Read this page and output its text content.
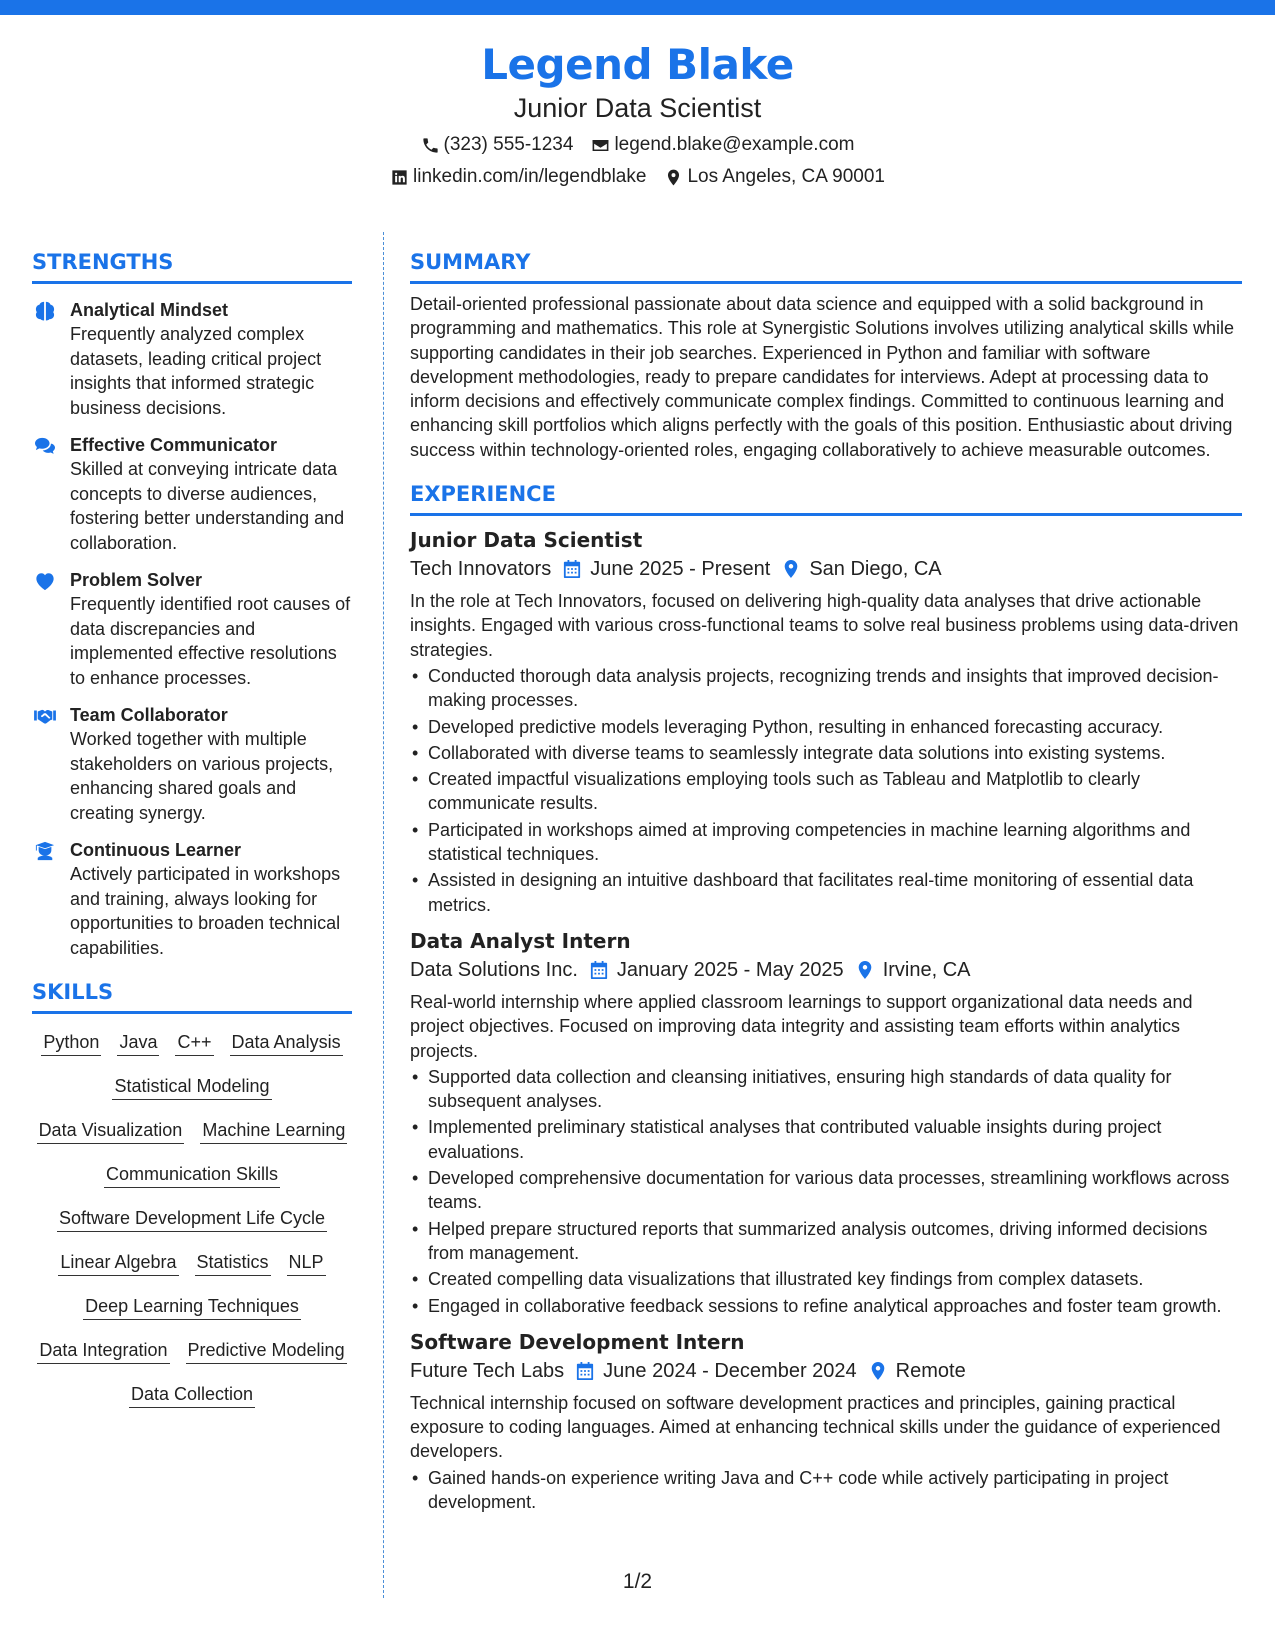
Legend Blake
Junior Data Scientist
(323) 555-1234 legend.blake@example.com
linkedin.com/in/legendblake Los Angeles, CA 90001
STRENGTHS
Analytical Mindset
Frequently analyzed complex datasets, leading critical project insights that informed strategic business decisions.
Effective Communicator
Skilled at conveying intricate data concepts to diverse audiences, fostering better understanding and collaboration.
Problem Solver
Frequently identified root causes of data discrepancies and implemented effective resolutions to enhance processes.
Team Collaborator
Worked together with multiple stakeholders on various projects, enhancing shared goals and creating synergy.
Continuous Learner
Actively participated in workshops and training, always looking for opportunities to broaden technical capabilities.
SKILLS
Python Java C++ Data Analysis
Statistical Modeling
Data Visualization Machine Learning
Communication Skills
Software Development Life Cycle
Linear Algebra Statistics NLP
Deep Learning Techniques
Data Integration Predictive Modeling
Data Collection
SUMMARY

Detail-oriented professional passionate about data science and equipped with a solid background in programming and mathematics. This role at Synergistic Solutions involves utilizing analytical skills while supporting candidates in their job searches. Experienced in Python and familiar with software development methodologies, ready to prepare candidates for interviews. Adept at processing data to inform decisions and effectively communicate complex findings. Committed to continuous learning and enhancing skill portfolios which aligns perfectly with the goals of this position. Enthusiastic about driving success within technology-oriented roles, engaging collaboratively to achieve measurable outcomes.

EXPERIENCE
Junior Data Scientist
Tech Innovators June 2025 - Present San Diego, CA

In the role at Tech Innovators, focused on delivering high-quality data analyses that drive actionable insights. Engaged with various cross-functional teams to solve real business problems using data-driven strategies.

• Conducted thorough data analysis projects, recognizing trends and insights that improved decision-making processes.
• Developed predictive models leveraging Python, resulting in enhanced forecasting accuracy.
• Collaborated with diverse teams to seamlessly integrate data solutions into existing systems.
• Created impactful visualizations employing tools such as Tableau and Matplotlib to clearly communicate results.
• Participated in workshops aimed at improving competencies in machine learning algorithms and statistical techniques.
• Assisted in designing an intuitive dashboard that facilitates real-time monitoring of essential data metrics.
Data Analyst Intern
Data Solutions Inc. January 2025 - May 2025 Irvine, CA

Real-world internship where applied classroom learnings to support organizational data needs and project objectives. Focused on improving data integrity and assisting team efforts within analytics projects.

• Supported data collection and cleansing initiatives, ensuring high standards of data quality for subsequent analyses.
• Implemented preliminary statistical analyses that contributed valuable insights during project evaluations.
• Developed comprehensive documentation for various data processes, streamlining workflows across teams.
• Helped prepare structured reports that summarized analysis outcomes, driving informed decisions from management.
• Created compelling data visualizations that illustrated key findings from complex datasets.
• Engaged in collaborative feedback sessions to refine analytical approaches and foster team growth.
Software Development Intern
Future Tech Labs June 2024 - December 2024 Remote

Technical internship focused on software development practices and principles, gaining practical exposure to coding languages. Aimed at enhancing technical skills under the guidance of experienced developers.

• Gained hands-on experience writing Java and C++ code while actively participating in project development.
1/2
